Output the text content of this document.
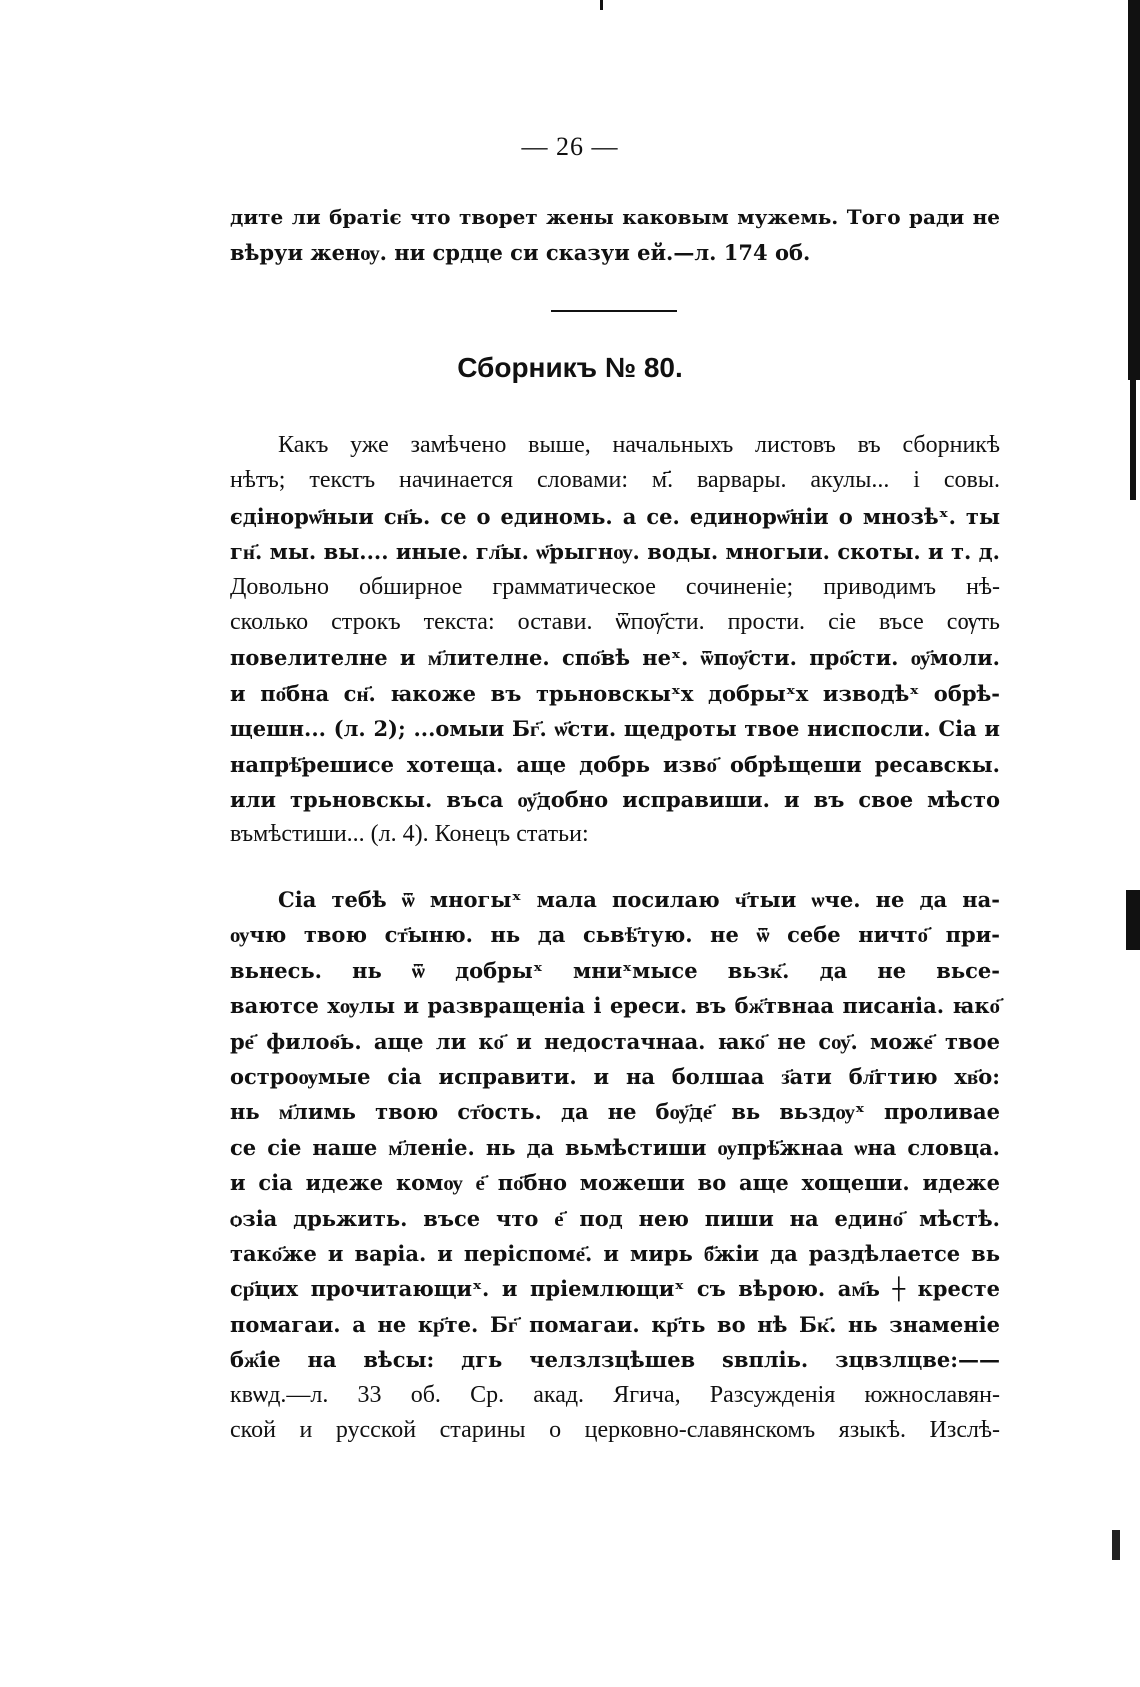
— 26 —
дите ли братiє что творет жены каковым мужемь. Того ради не
вѣруи женѹ. ни срдце си сказуи ей.—л. 174 об.
Сборникъ № 80.
Какъ уже замѣчено выше, начальныхъ листовъ въ сборникѣ
нѣтъ; текстъ начинается словами: м҃. варвары. акулы... i совы.
єдiнорѡ҃ныи сн҃ь. се о единомь. а се. единорѡ҃нiи о мнозѣˣ. ты
гн҃. мы. вы.... иные. гл҃ы. ѡ҃рыгнѹ. воды. многыи. скоты. и т. д.
Довольно обширное грамматическое сочиненiе; приводимъ нѣ-
сколько строкъ текста: остави. ѿпѹ҃сти. прости. сiе въсе сѹть
повелителне и м҃лителне. спо҃вѣ неˣ. ѿпѹ҃сти. про҃сти. ѹ҃моли.
и по҃бна сн҃. ꙗкоже въ трьновскыˣх добрыˣх изводѣˣ обрѣ-
щешн... (л. 2); ...омыи Бг҃. ѡ҃сти. щедроты твое ниспосли. Сiа и
напрѣ҃решисе хотеща. аще добрь изво҃ обрѣщеши ресавскы.
или трьновскы. въса ѹ҃добно исправиши. и въ свое мѣсто
въмѣстиши... (л. 4). Конецъ статьи:
Сiа тебѣ ѿ многыˣ мала посилаю ч҃тыи ѡче. не да на-
ѹчю твою ст҃ыню. нь да сьвѣ҃тую. не ѿ себе ничто҃ при-
вьнесь. нь ѿ добрыˣ мниˣмысе вьзк҃. да не вьсе-
ваютсе хѹлы и развращенiа i ереси. въ бж҃твнаа писанiа. ꙗко҃
ре҃ филоѳ҃ь. аще ли ко҃ и недостачнаа. ꙗко҃ не сѹ҃. може҃ твое
остроѹмые сiа исправити. и на болшаа з҃ати бл҃гтию хв҃о:
нь м҃лимь твою ст҃ость. да не бѹ҃де҃ вь вьздѹˣ проливае
се сiе наше м҃ленiе. нь да вьмѣстиши ѹпрѣ҃жнаа ѡна словца.
и сiа идеже комѹ е҃ по҃бно можеши во аще хощеши. идеже
ѻзiа дрьжить. въсе что е҃ под нею пиши на едино҃ мѣстѣ.
тако҃же и варiа. и перiспоме҃. и мирь б҃жiи да раздѣлаетсе вь
ср҃цих прочитающиˣ. и прiемлющиˣ съ вѣрою. ам҃ь ┼ кресте
помагаи. а не кр҃те. Бг҃ помагаи. кр҃ть во нѣ Бк҃. нь знаменiе
бж҃iе на вѣсы: дгь челзлзцѣшев ѕвплiь. зцвзлцве:——
квѡд.—л. 33 об. Ср. акад. Ягича, Разсужденiя южнославян-
ской и русской старины о церковно-славянскомъ языкѣ. Изслѣ-
